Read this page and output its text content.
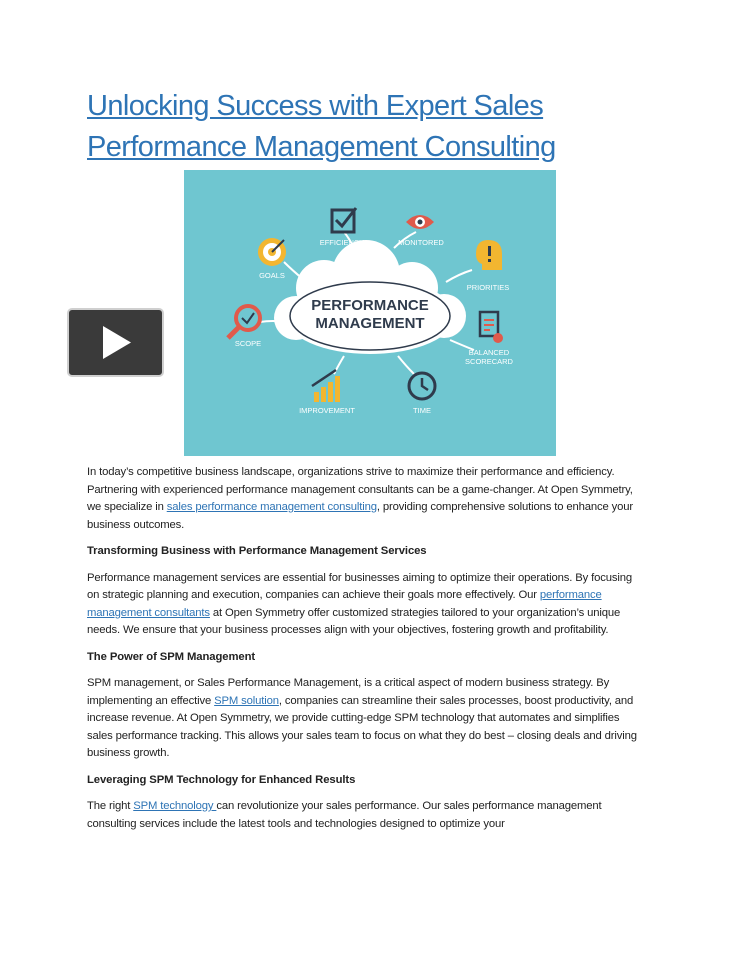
Unlocking Success with Expert Sales
Performance Management Consulting
PERFORMANCE
MANAGEMENT
EFFICIENCY	MONITORED
GOALS
PRIORITIES
SCOPE
BALANCED
SCORECARD
IMPROVEMENT	TIME

In today’s competitive business landscape, organizations strive to maximize their performance and efficiency. Partnering with experienced performance management consultants can be a game-changer. At Open Symmetry, we specialize in sales performance management consulting, providing comprehensive solutions to enhance your business outcomes.

Transforming Business with Performance Management Services

Performance management services are essential for businesses aiming to optimize their operations. By focusing on strategic planning and execution, companies can achieve their goals more effectively. Our performance management consultants at Open Symmetry offer customized strategies tailored to your organization’s unique needs. We ensure that your business processes align with your objectives, fostering growth and profitability.

The Power of SPM Management

SPM management, or Sales Performance Management, is a critical aspect of modern business strategy. By implementing an effective SPM solution, companies can streamline their sales processes, boost productivity, and increase revenue. At Open Symmetry, we provide cutting-edge SPM technology that automates and simplifies sales performance tracking. This allows your sales team to focus on what they do best – closing deals and driving business growth.

Leveraging SPM Technology for Enhanced Results

The right SPM technology can revolutionize your sales performance. Our sales performance management consulting services include the latest tools and technologies designed to optimize your
